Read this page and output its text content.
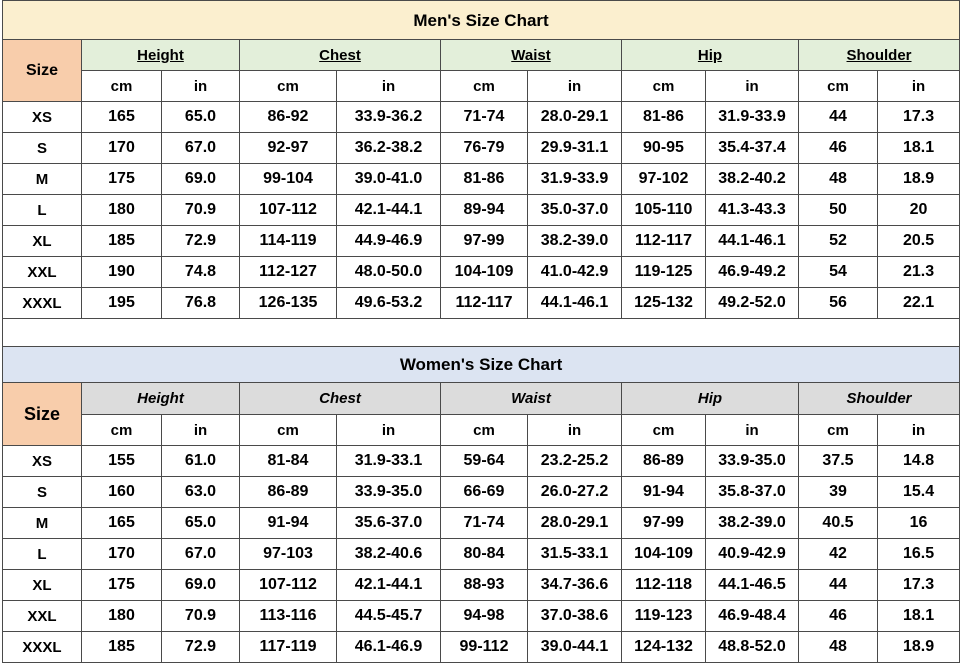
Men's Size Chart										
Size	Height		Chest		Waist		Hip		Shoulder	
	cm	in	cm	in	cm	in	cm	in	cm	in
XS	165	65.0	86-92	33.9-36.2	71-74	28.0-29.1	81-86	31.9-33.9	44	17.3
S	170	67.0	92-97	36.2-38.2	76-79	29.9-31.1	90-95	35.4-37.4	46	18.1
M	175	69.0	99-104	39.0-41.0	81-86	31.9-33.9	97-102	38.2-40.2	48	18.9
L	180	70.9	107-112	42.1-44.1	89-94	35.0-37.0	105-110	41.3-43.3	50	20
XL	185	72.9	114-119	44.9-46.9	97-99	38.2-39.0	112-117	44.1-46.1	52	20.5
XXL	190	74.8	112-127	48.0-50.0	104-109	41.0-42.9	119-125	46.9-49.2	54	21.3
XXXL	195	76.8	126-135	49.6-53.2	112-117	44.1-46.1	125-132	49.2-52.0	56	22.1

Women's Size Chart										
Size	Height		Chest		Waist		Hip		Shoulder	
	cm	in	cm	in	cm	in	cm	in	cm	in
XS	155	61.0	81-84	31.9-33.1	59-64	23.2-25.2	86-89	33.9-35.0	37.5	14.8
S	160	63.0	86-89	33.9-35.0	66-69	26.0-27.2	91-94	35.8-37.0	39	15.4
M	165	65.0	91-94	35.6-37.0	71-74	28.0-29.1	97-99	38.2-39.0	40.5	16
L	170	67.0	97-103	38.2-40.6	80-84	31.5-33.1	104-109	40.9-42.9	42	16.5
XL	175	69.0	107-112	42.1-44.1	88-93	34.7-36.6	112-118	44.1-46.5	44	17.3
XXL	180	70.9	113-116	44.5-45.7	94-98	37.0-38.6	119-123	46.9-48.4	46	18.1
XXXL	185	72.9	117-119	46.1-46.9	99-112	39.0-44.1	124-132	48.8-52.0	48	18.9
